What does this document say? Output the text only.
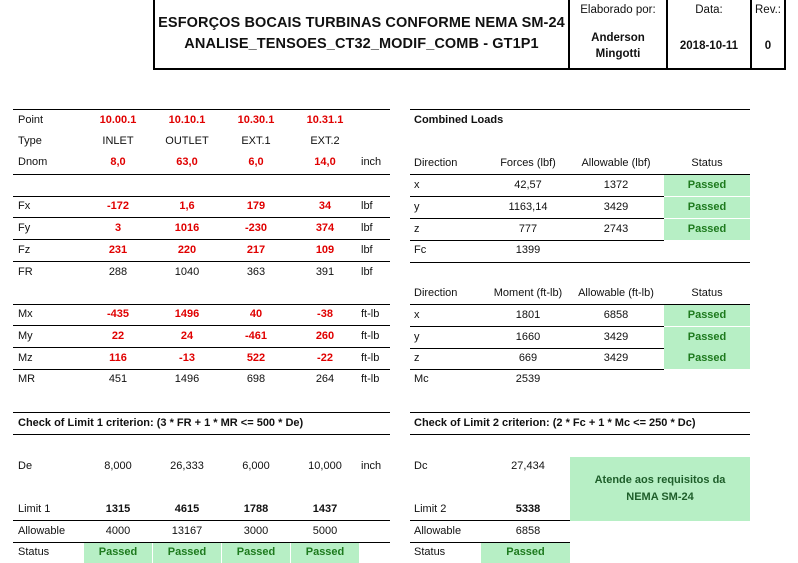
ESFORÇOS BOCAIS TURBINAS CONFORME NEMA SM-24
ANALISE_TENSOES_CT32_MODIF_COMB - GT1P1
Elaborado por:
Anderson
Mingotti
Data:
2018-10-11
Rev.:
0
Point	10.00.1	10.10.1	10.30.1	10.31.1
Type	INLET	OUTLET	EXT.1	EXT.2
Dnom	8,0	63,0	6,0	14,0	inch
Fx	-172	1,6	179	34	lbf
Fy	3	1016	-230	374	lbf
Fz	231	220	217	109	lbf
FR	288	1040	363	391	lbf
Mx	-435	1496	40	-38	ft-lb
My	22	24	-461	260	ft-lb
Mz	116	-13	522	-22	ft-lb
MR	451	1496	698	264	ft-lb
Combined Loads
Direction	Forces (lbf)	Allowable (lbf)	Status
x	42,57	1372	Passed
y	1163,14	3429	Passed
z	777	2743	Passed
Fc	1399
Direction	Moment (ft-lb)	Allowable (ft-lb)	Status
x	1801	6858	Passed
y	1660	3429	Passed
z	669	3429	Passed
Mc	2539
Check of Limit 1 criterion: (3 * FR + 1 * MR <= 500 * De)
De	8,000	26,333	6,000	10,000	inch
Limit 1	1315	4615	1788	1437
Allowable	4000	13167	3000	5000
Status	Passed	Passed	Passed	Passed
Check of Limit 2 criterion: (2 * Fc + 1 * Mc <= 250 * Dc)
Dc	27,434
Atende aos requisitos da NEMA SM-24
Limit 2	5338
Allowable	6858
Status	Passed
